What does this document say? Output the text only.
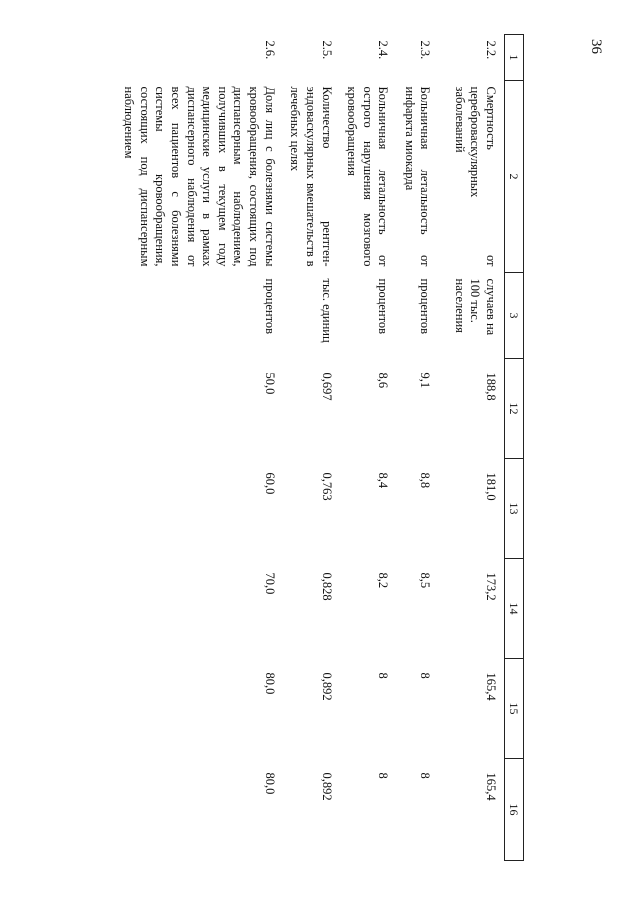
36
1	2	3	12	13	14	15	16
2.2.	Смертность от цереброваскулярных заболеваний	случаев на 100 тыс. населения	188,8	181,0	173,2	165,4	165,4
2.3.	Больничная летальность от инфаркта миокарда	процентов	9,1	8,8	8,5	8	8
2.4.	Больничная летальность от острого нарушения мозгового кровообращения	процентов	8,6	8,4	8,2	8	8
2.5.	Количество рентген-эндоваскулярных вмешательств в лечебных целях	тыс. единиц	0,697	0,763	0,828	0,892	0,892
2.6.	Доля лиц с болезнями системы кровообращения, состоящих под диспансерным наблюдением, получивших в текущем году медицинские услуги в рамках диспансерного наблюдения от всех пациентов с болезнями системы кровообращения, состоящих под диспансерным наблюдением	процентов	50,0	60,0	70,0	80,0	80,0
